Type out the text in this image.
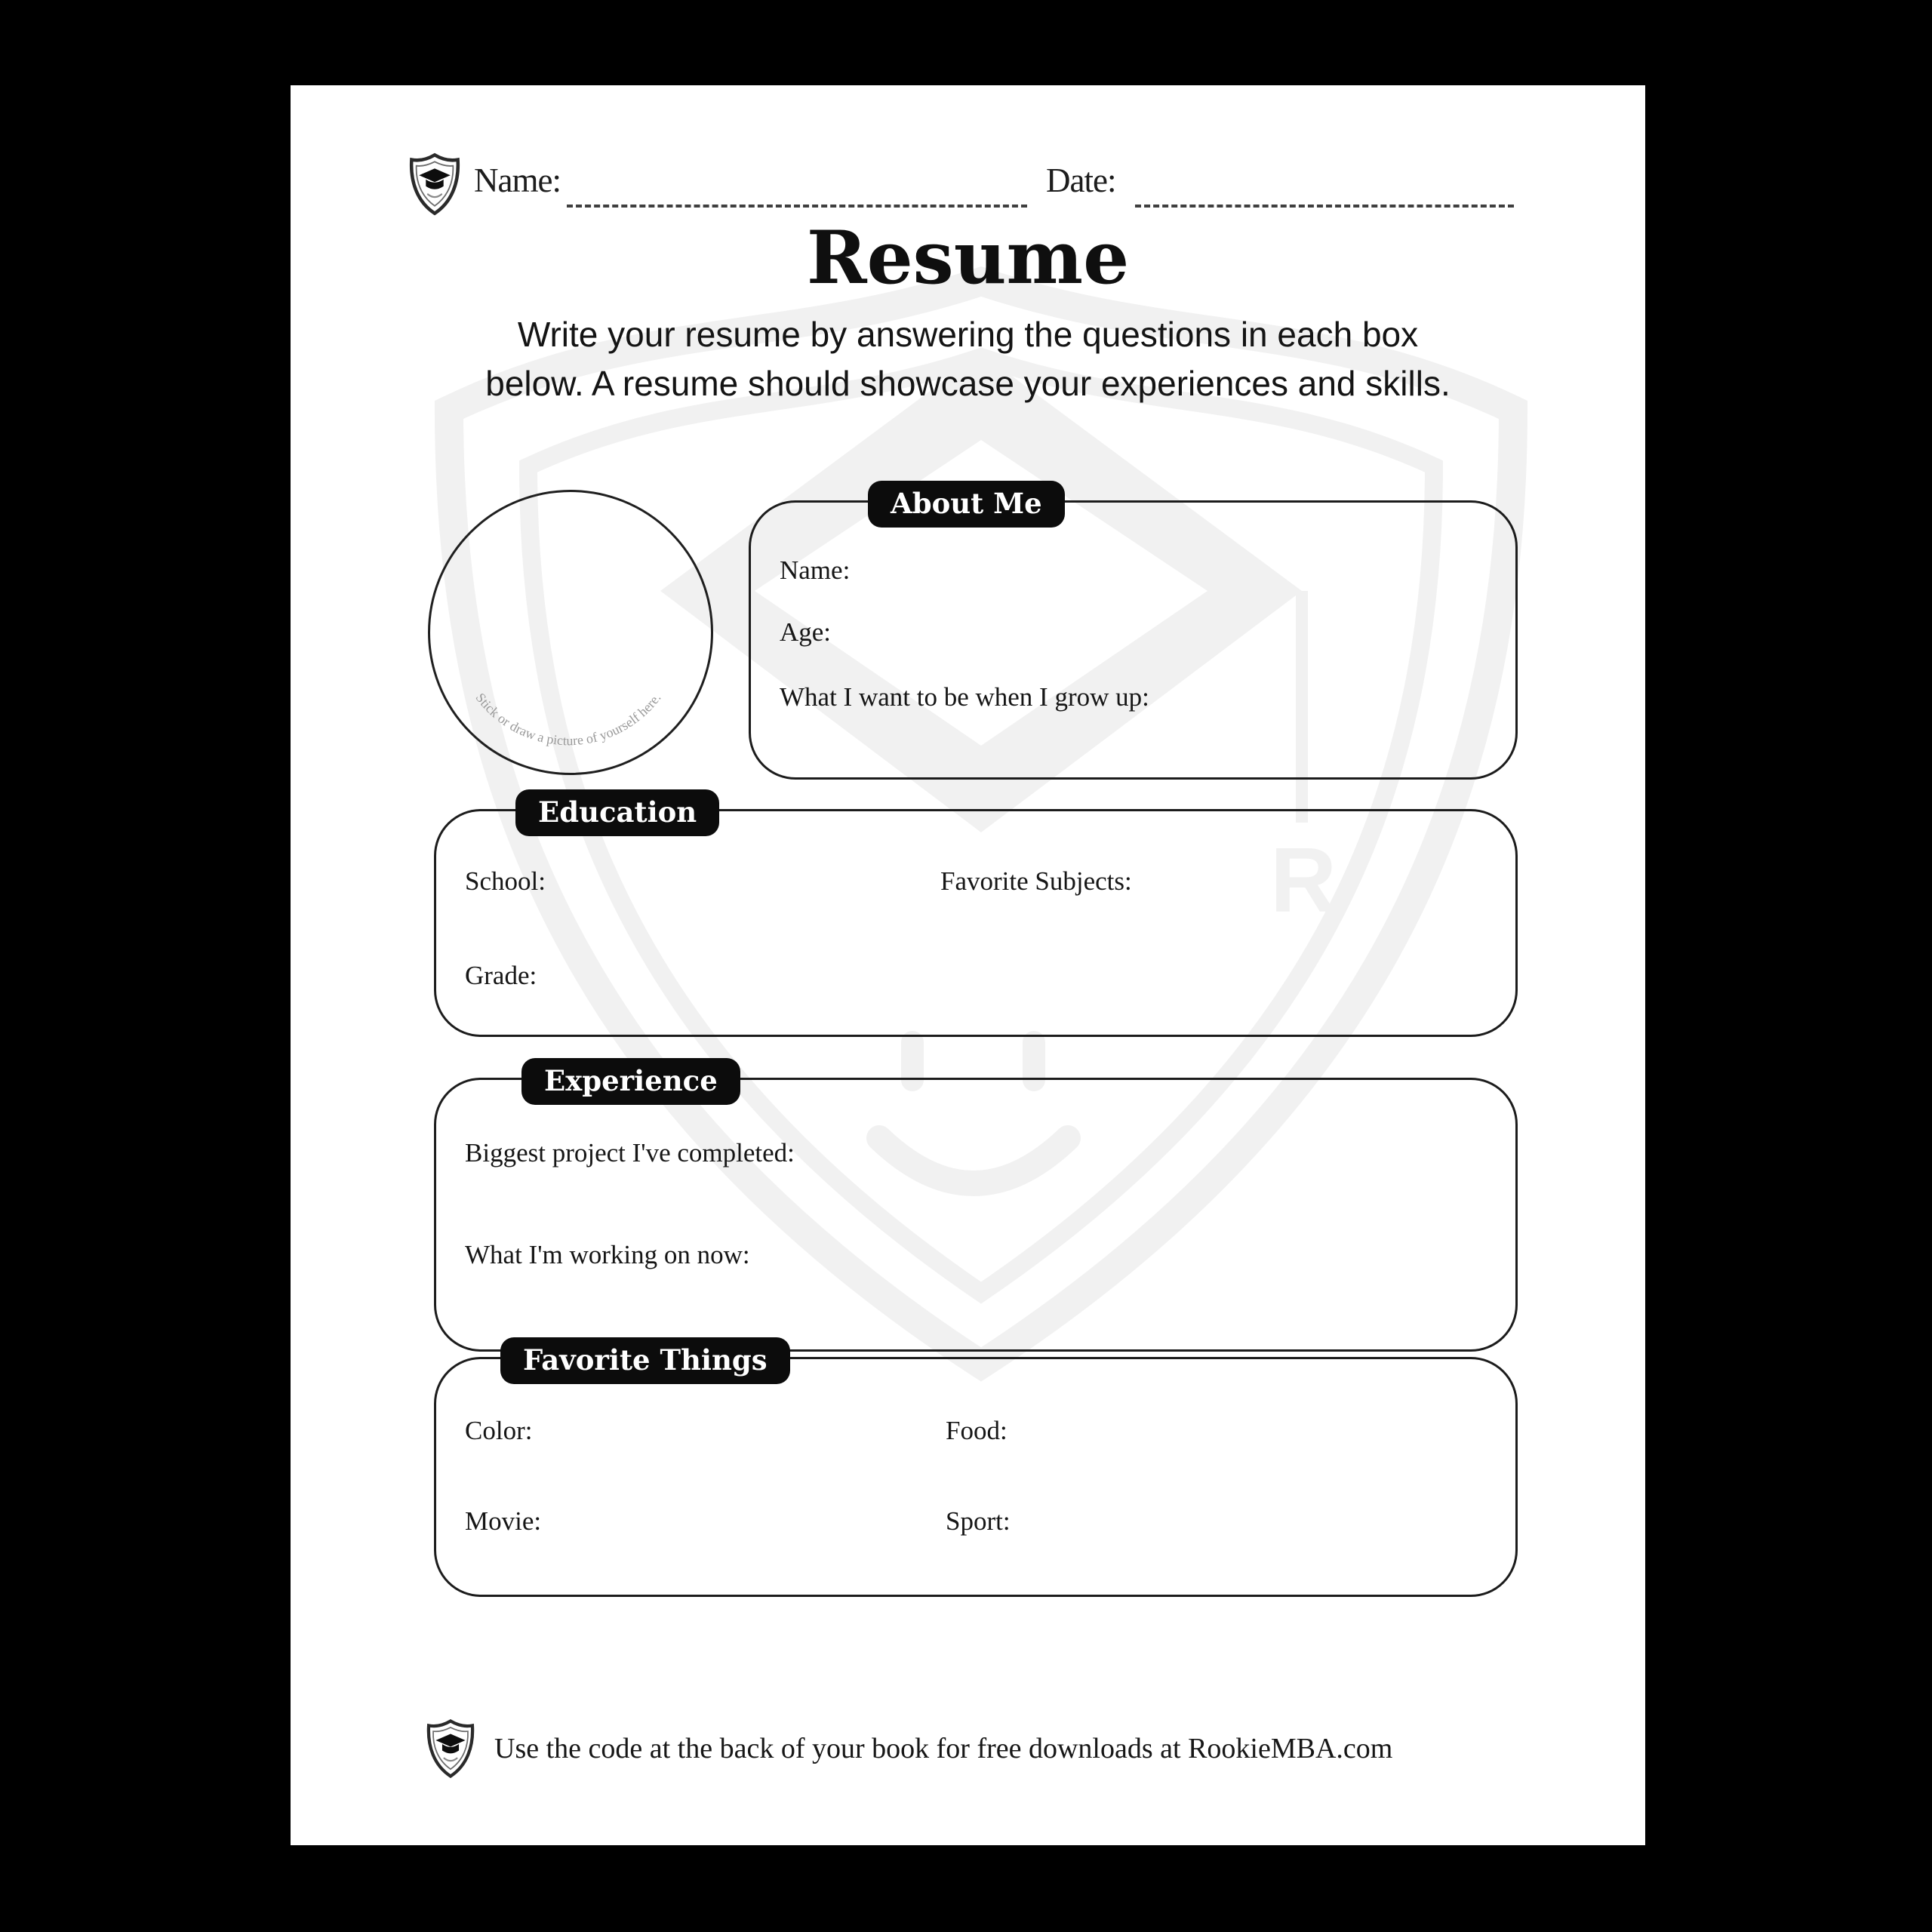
R
Name:	Date:
Resume
Write your resume by answering the questions in each box
below. A resume should showcase your experiences and skills.
Stick or draw a picture of yourself here.
About Me
Name:
Age:
What I want to be when I grow up:
Education
School:	Favorite Subjects:
Grade:
Experience
Biggest project I've completed:
What I'm working on now:
Favorite Things
Color:	Food:
Movie:	Sport:
Use the code at the back of your book for free downloads at RookieMBA.com
